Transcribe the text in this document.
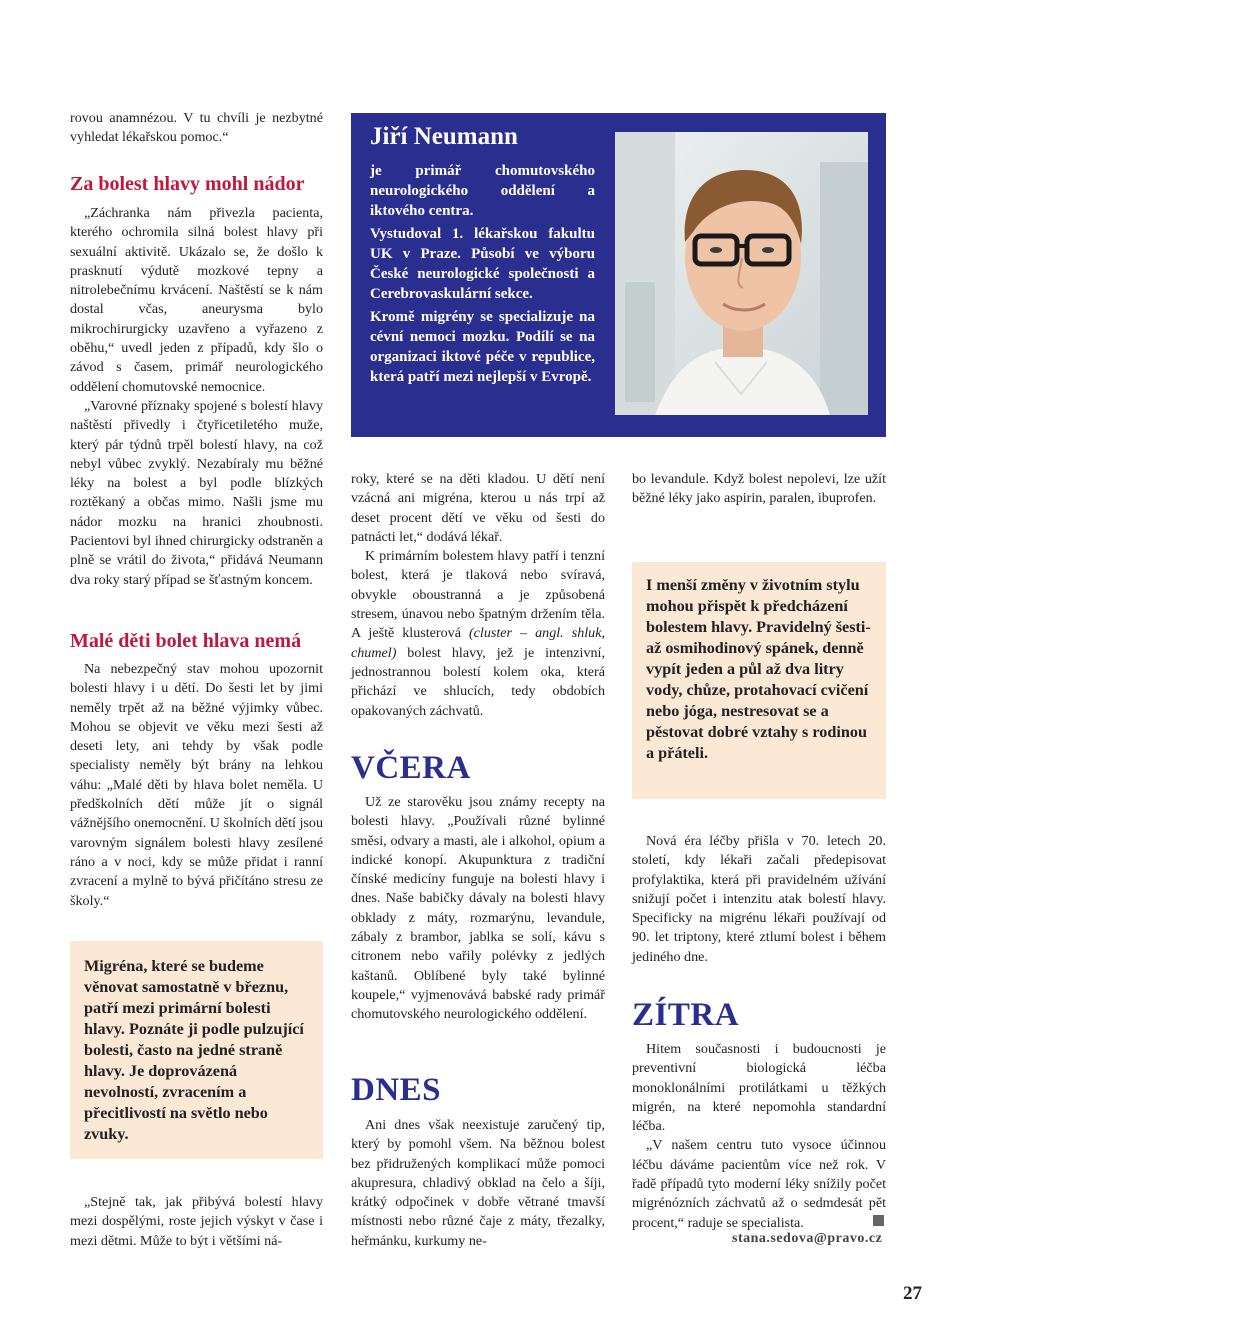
rovou anamnézou. V tu chvíli je nezbytné vyhledat lékařskou pomoc.“

Za bolest hlavy mohl nádor

„Záchranka nám přivezla pacienta, kterého ochromila silná bolest hlavy při sexuální aktivitě. Ukázalo se, že došlo k prasknutí výdutě mozkové tepny a nitrolebečnímu krvácení. Naštěstí se k nám dostal včas, aneurysma bylo mikrochirurgicky uzavřeno a vyřazeno z oběhu,“ uvedl jeden z případů, kdy šlo o závod s časem, primář neurologického oddělení chomutovské nemocnice.

„Varovné příznaky spojené s bolestí hlavy naštěstí přivedly i čtyřicetiletého muže, který pár týdnů trpěl bolestí hlavy, na což nebyl vůbec zvyklý. Nezabíraly mu běžné léky na bolest a byl podle blízkých roztěkaný a občas mimo. Našli jsme mu nádor mozku na hranici zhoubnosti. Pacientovi byl ihned chirurgicky odstraněn a plně se vrátil do života,“ přidává Neumann dva roky starý případ se šťastným koncem.

Malé děti bolet hlava nemá

Na nebezpečný stav mohou upozornit bolesti hlavy i u dětí. Do šesti let by jimi neměly trpět až na běžné výjimky vůbec. Mohou se objevit ve věku mezi šesti až deseti lety, ani tehdy by však podle specialisty neměly být brány na lehkou váhu: „Malé děti by hlava bolet neměla. U předškolních dětí může jít o signál vážnějšího onemocnění. U školních dětí jsou varovným signálem bolesti hlavy zesílené ráno a v noci, kdy se může přidat i ranní zvracení a mylně to bývá přičítáno stresu ze školy.“

Migréna, které se budeme věnovat samostatně v březnu, patří mezi primární bolesti hlavy. Poznáte ji podle pulzující bolesti, často na jedné straně hlavy. Je doprovázená nevolností, zvracením a přecitlivostí na světlo nebo zvuky.

„Stejně tak, jak přibývá bolestí hlavy mezi dospělými, roste jejich výskyt v čase i mezi dětmi. Může to být i většími ná-

Jiří Neumann

je primář chomutovského neurologického oddělení a iktového centra.

Vystudoval 1. lékařskou fakultu UK v Praze. Působí ve výboru České neurologické společnosti a Cerebrovaskulární sekce.

Kromě migrény se specializuje na cévní nemoci mozku. Podílí se na organizaci iktové péče v republice, která patří mezi nejlepší v Evropě.	Foto archiv Jiří Neumann

roky, které se na děti kladou. U dětí není vzácná ani migréna, kterou u nás trpí až deset procent dětí ve věku od šesti do patnácti let,“ dodává lékař.

K primárním bolestem hlavy patří i tenzní bolest, která je tlaková nebo svíravá, obvykle oboustranná a je způsobená stresem, únavou nebo špatným držením těla. A ještě klusterová (cluster – angl. shluk, chumel) bolest hlavy, jež je intenzivní, jednostrannou bolestí kolem oka, která přichází ve shlucích, tedy obdobích opakovaných záchvatů.

VČERA

Už ze starověku jsou známy recepty na bolesti hlavy. „Používali různé bylinné směsi, odvary a masti, ale i alkohol, opium a indické konopí. Akupunktura z tradiční čínské medicíny funguje na bolesti hlavy i dnes. Naše babičky dávaly na bolesti hlavy obklady z máty, rozmarýnu, levandule, zábaly z brambor, jablka se solí, kávu s citronem nebo vařily polévky z jedlých kaštanů. Oblíbené byly také bylinné koupele,“ vyjmenovává babské rady primář chomutovského neurologického oddělení.

DNES

Ani dnes však neexistuje zaručený tip, který by pomohl všem. Na běžnou bolest bez přidružených komplikací může pomoci akupresura, chladivý obklad na čelo a šíji, krátký odpočinek v dobře větrané tmavší místnosti nebo různé čaje z máty, třezalky, heřmánku, kurkumy ne-

bo levandule. Když bolest nepolevi, lze užít běžné léky jako aspirin, paralen, ibuprofen.

I menší změny v životním stylu mohou přispět k předcházení bolestem hlavy. Pravidelný šesti- až osmihodinový spánek, denně vypít jeden a půl až dva litry vody, chůze, protahovací cvičení nebo jóga, nestresovat se a pěstovat dobré vztahy s rodinou a přáteli.

Nová éra léčby přišla v 70. letech 20. století, kdy lékaři začali předepisovat profylaktika, která při pravidelném užívání snižují počet i intenzitu atak bolestí hlavy. Specificky na migrénu lékaři používají od 90. let triptony, které ztlumí bolest i během jediného dne.

ZÍTRA

Hitem současnosti i budoucnosti je preventivní biologická léčba monoklonálními protilátkami u těžkých migrén, na které nepomohla standardní léčba.

„V našem centru tuto vysoce účinnou léčbu dáváme pacientům více než rok. V řadě případů tyto moderní léky snížily počet migrénózních záchvatů až o sedmdesát pět procent,“ raduje se specialista.

stana.sedova@pravo.cz
27
